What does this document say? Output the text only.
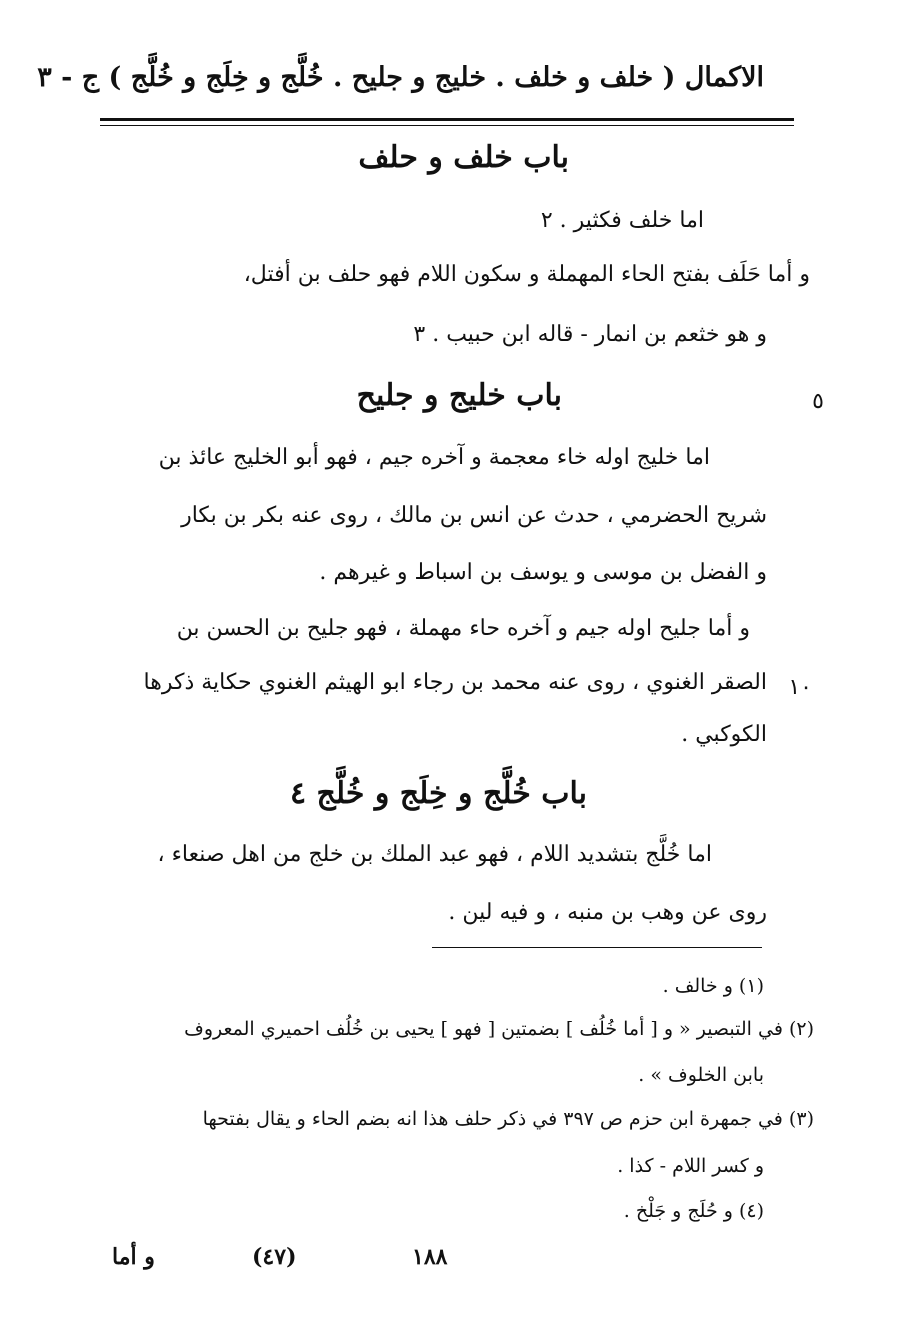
الاكمال ( خلف و خلف . خليج و جليح . خُلَّج و خِلَج و خُلَّج ) ج - ٣
باب خلف و حلف
اما خلف فكثير . ٢
و أما حَلَف بفتح الحاء المهملة و سكون اللام فهو حلف بن أفتل،
و هو خثعم بن انمار - قاله ابن حبيب . ٣
باب خليج و جليح	٥
اما خليج اوله خاء معجمة و آخره جيم ، فهو أبو الخليج عائذ بن
شريح الحضرمي ، حدث عن انس بن مالك ، روى عنه بكر بن بكار
و الفضل بن موسى و يوسف بن اسباط و غيرهم .
و أما جليح اوله جيم و آخره حاء مهملة ، فهو جليح بن الحسن بن
الصقر الغنوي ، روى عنه محمد بن رجاء ابو الهيثم الغنوي حكاية ذكرها ١٠
الكوكبي .
باب خُلَّج و خِلَج و خُلَّج ٤
اما خُلَّج بتشديد اللام ، فهو عبد الملك بن خلج من اهل صنعاء ،
روى عن وهب بن منبه ، و فيه لين .
(١) و خالف .
(٢) في التبصير « و [ أما خُلُف ] بضمتين [ فهو ] يحيى بن خُلُف احميري المعروف
بابن الخلوف » .
(٣) في جمهرة ابن حزم ص ٣٩٧ في ذكر حلف هذا انه بضم الحاء و يقال بفتحها
و كسر اللام - كذا .
(٤) و حُلَج و جَلْخ .
و أما	(٤٧)	١٨٨
